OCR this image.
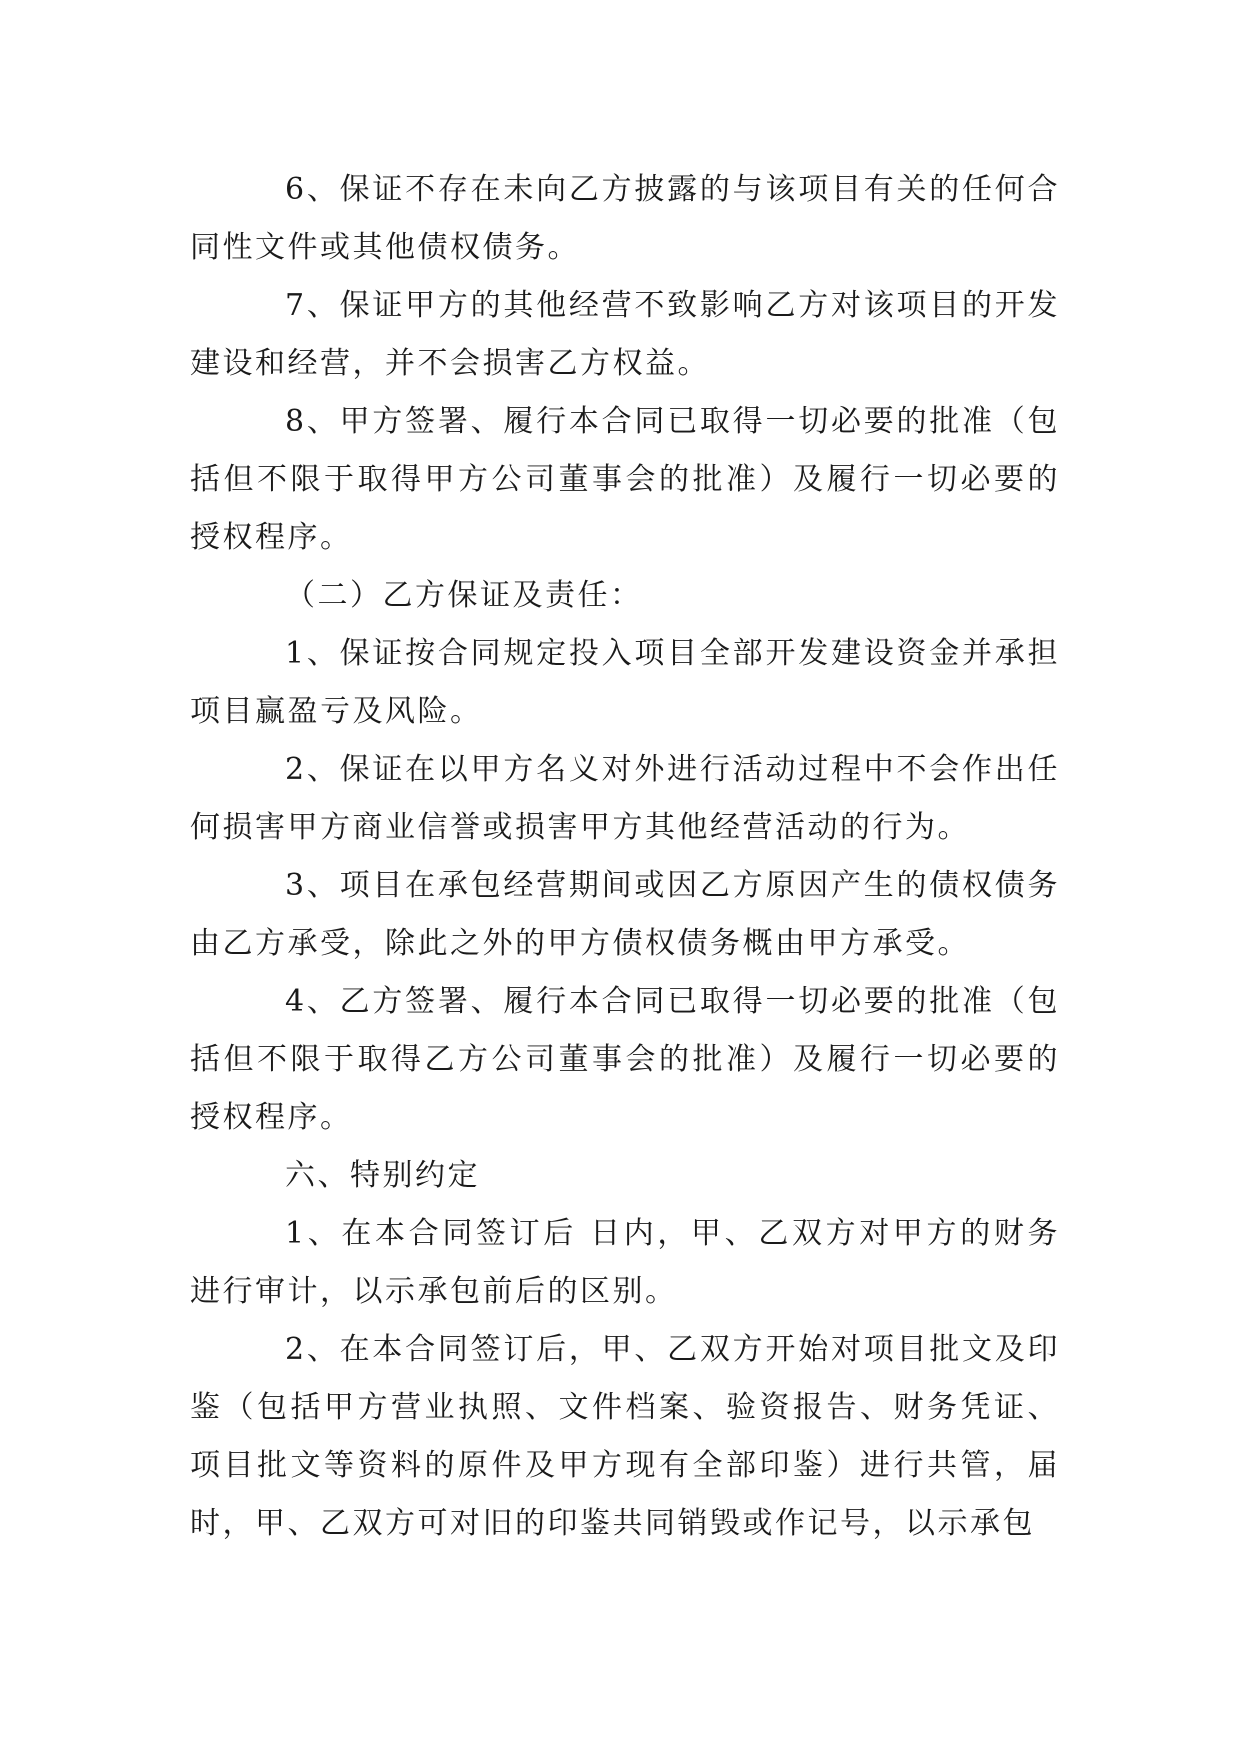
6、保证不存在未向乙方披露的与该项目有关的任何合同性文件或其他债权债务。

7、保证甲方的其他经营不致影响乙方对该项目的开发建设和经营，并不会损害乙方权益。

8、甲方签署、履行本合同已取得一切必要的批准（包括但不限于取得甲方公司董事会的批准）及履行一切必要的授权程序。

（二）乙方保证及责任：

1、保证按合同规定投入项目全部开发建设资金并承担项目赢盈亏及风险。

2、保证在以甲方名义对外进行活动过程中不会作出任何损害甲方商业信誉或损害甲方其他经营活动的行为。

3、项目在承包经营期间或因乙方原因产生的债权债务由乙方承受，除此之外的甲方债权债务概由甲方承受。

4、乙方签署、履行本合同已取得一切必要的批准（包括但不限于取得乙方公司董事会的批准）及履行一切必要的授权程序。

六、特别约定

1、在本合同签订后 日内，甲、乙双方对甲方的财务进行审计，以示承包前后的区别。

2、在本合同签订后，甲、乙双方开始对项目批文及印鉴（包括甲方营业执照、文件档案、验资报告、财务凭证、项目批文等资料的原件及甲方现有全部印鉴）进行共管，届时，甲、乙双方可对旧的印鉴共同销毁或作记号，以示承包
